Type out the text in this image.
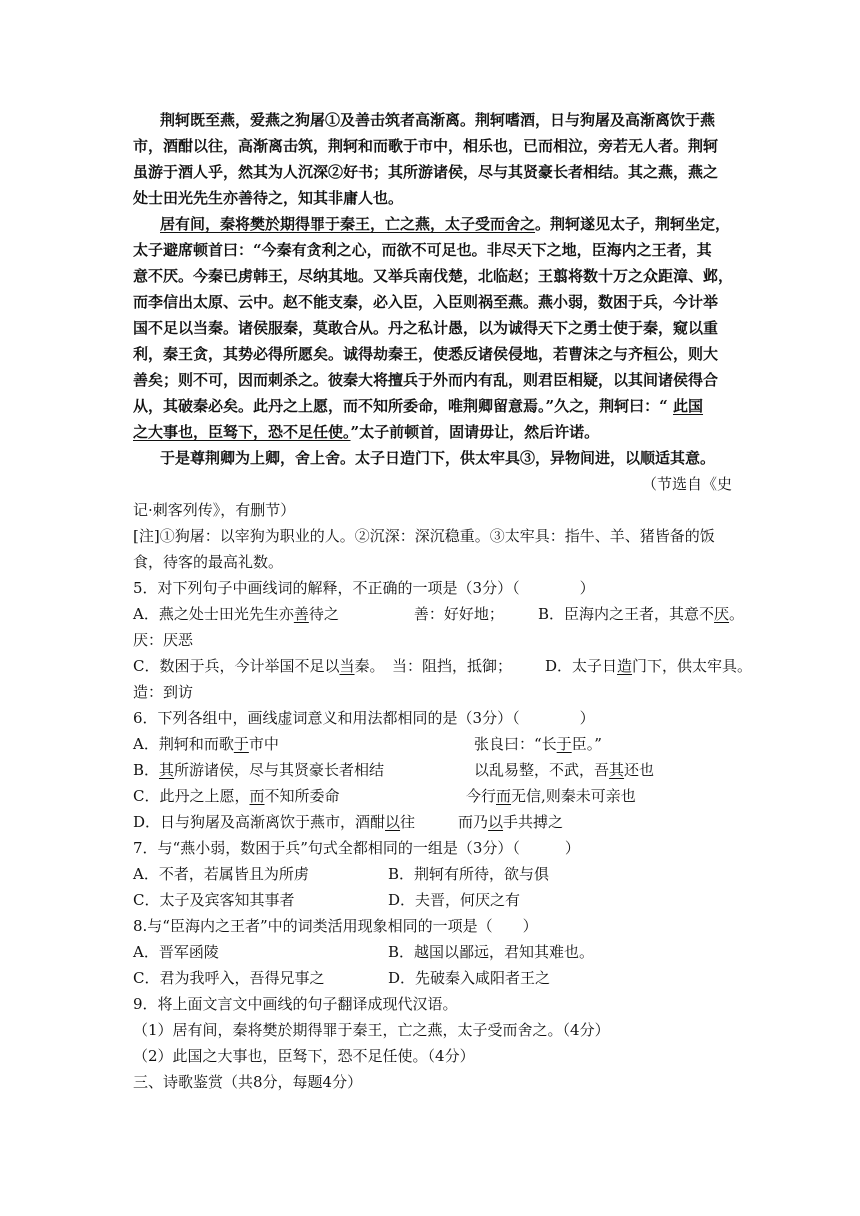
荆轲既至燕，爱燕之狗屠①及善击筑者高渐离。荆轲嗜酒，日与狗屠及高渐离饮于燕
市，酒酣以往，高渐离击筑，荆轲和而歌于市中，相乐也，已而相泣，旁若无人者。荆轲
虽游于酒人乎，然其为人沉深②好书；其所游诸侯，尽与其贤豪长者相结。其之燕，燕之
处士田光先生亦善待之，知其非庸人也。
居有间，秦将樊於期得罪于秦王，亡之燕，太子受而舍之。荆轲遂见太子，荆轲坐定，
太子避席顿首曰：“今秦有贪利之心，而欲不可足也。非尽天下之地，臣海内之王者，其
意不厌。今秦已虏韩王，尽纳其地。又举兵南伐楚，北临赵；王翦将数十万之众距漳、邺，
而李信出太原、云中。赵不能支秦，必入臣，入臣则祸至燕。燕小弱，数困于兵，今计举
国不足以当秦。诸侯服秦，莫敢合从。丹之私计愚，以为诚得天下之勇士使于秦，窥以重
利，秦王贪，其势必得所愿矣。诚得劫秦王，使悉反诸侯侵地，若曹沫之与齐桓公，则大
善矣；则不可，因而刺杀之。彼秦大将擅兵于外而内有乱，则君臣相疑，以其间诸侯得合
从，其破秦必矣。此丹之上愿，而不知所委命，唯荆卿留意焉。”久之，荆轲曰：“ 此国
之大事也，臣驽下，恐不足任使。”太子前顿首，固请毋让，然后许诺。
于是尊荆卿为上卿，舍上舍。太子日造门下，供太牢具③，异物间进，以顺适其意。
（节选自《史
记·刺客列传》，有删节）
[注]①狗屠：以宰狗为职业的人。②沉深：深沉稳重。③太牢具：指牛、羊、猪皆备的饭
食，待客的最高礼数。
5．对下列句子中画线词的解释，不正确的一项是（3分）（　　　　）
A．燕之处士田光先生亦善待之　　　　　善：好好地； B．臣海内之王者，其意不厌。
厌：厌恶
C．数困于兵，今计举国不足以当秦。　当：阻挡，抵御； D．太子日造门下，供太牢具。
造：到访
6．下列各组中，画线虚词意义和用法都相同的是（3分）（　　　　）
A．荆轲和而歌于市中	张良曰：“长于臣。”
B．其所游诸侯，尽与其贤豪长者相结	以乱易整，不武，吾其还也
C．此丹之上愿，而不知所委命	今行而无信,则秦未可亲也
D．日与狗屠及高渐离饮于燕市，酒酣以往	而乃以手共搏之
7．与“燕小弱，数困于兵”句式全都相同的一组是（3分）（　　　）
A．不者，若属皆且为所虏	B．荆轲有所待，欲与俱
C．太子及宾客知其事者	D．夫晋，何厌之有
8.与“臣海内之王者”中的词类活用现象相同的一项是（　　）
A．晋军函陵	B．越国以鄙远，君知其难也。
C．君为我呼入，吾得兄事之	D．先破秦入咸阳者王之
9．将上面文言文中画线的句子翻译成现代汉语。
（1）居有间，秦将樊於期得罪于秦王，亡之燕，太子受而舍之。（4分）
（2）此国之大事也，臣驽下，恐不足任使。（4分）
三、诗歌鉴赏（共8分，每题4分）
